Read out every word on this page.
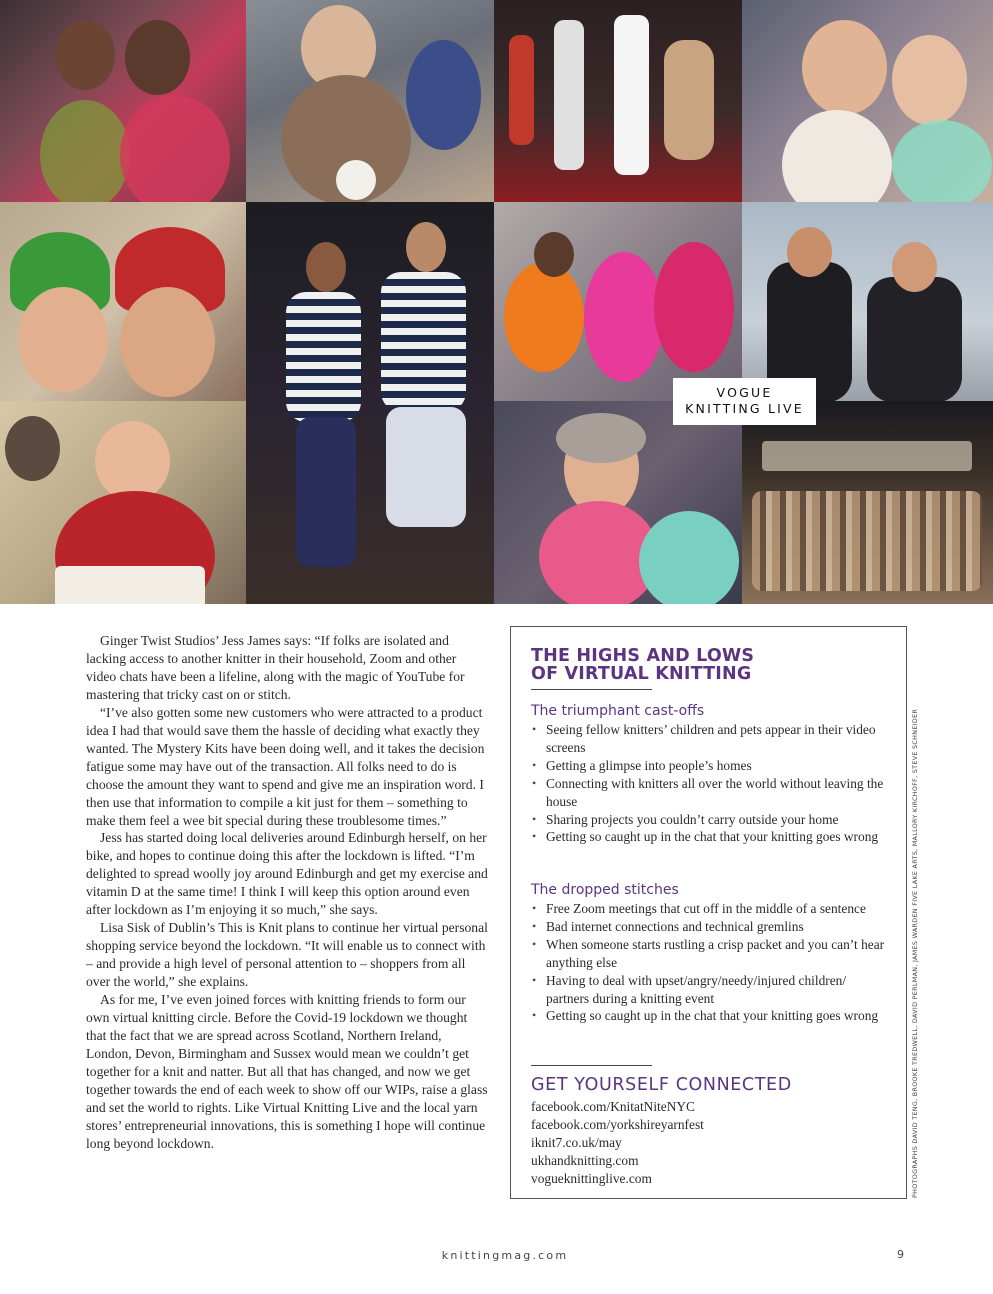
VOGUE
KNITTING LIVE

Ginger Twist Studios’ Jess James says: “If folks are isolated and lacking access to another knitter in their household, Zoom and other video chats have been a lifeline, along with the magic of YouTube for mastering that tricky cast on or stitch.

“I’ve also gotten some new customers who were attracted to a product idea I had that would save them the hassle of deciding what exactly they wanted. The Mystery Kits have been doing well, and it takes the decision fatigue some may have out of the transaction. All folks need to do is choose the amount they want to spend and give me an inspiration word. I then use that information to compile a kit just for them – something to make them feel a wee bit special during these troublesome times.”

Jess has started doing local deliveries around Edinburgh herself, on her bike, and hopes to continue doing this after the lockdown is lifted. “I’m delighted to spread woolly joy around Edinburgh and get my exercise and vitamin D at the same time! I think I will keep this option around even after lockdown as I’m enjoying it so much,” she says.

Lisa Sisk of Dublin’s This is Knit plans to continue her virtual personal shopping service beyond the lockdown. “It will enable us to connect with – and provide a high level of personal attention to – shoppers from all over the world,” she explains.

As for me, I’ve even joined forces with knitting friends to form our own virtual knitting circle. Before the Covid-19 lockdown we thought that the fact that we are spread across Scotland, Northern Ireland, London, Devon, Birmingham and Sussex would mean we couldn’t get together for a knit and natter. But all that has changed, and now we get together towards the end of each week to show off our WIPs, raise a glass and set the world to rights. Like Virtual Knitting Live and the local yarn stores’ entrepreneurial innovations, this is something I hope will continue long beyond lockdown.

THE HIGHS AND LOWS
OF VIRTUAL KNITTING
The triumphant cast-offs
• Seeing fellow knitters’ children and pets appear in their video screens
• Getting a glimpse into people’s homes
• Connecting with knitters all over the world without leaving the house
• Sharing projects you couldn’t carry outside your home
• Getting so caught up in the chat that your knitting goes wrong
The dropped stitches
• Free Zoom meetings that cut off in the middle of a sentence
• Bad internet connections and technical gremlins
• When someone starts rustling a crisp packet and you can’t hear anything else
• Having to deal with upset/angry/needy/injured children/ partners during a knitting event
• Getting so caught up in the chat that your knitting goes wrong
GET YOURSELF CONNECTED
facebook.com/KnitatNiteNYC
facebook.com/yorkshireyarnfest
iknit7.co.uk/may
ukhandknitting.com
vogueknittinglive.com	PHOTOGRAPHS DAVID TENG, BROOKE TREDWELL, DAVID PERLMAN, JAMES WARDEN FIVE LAKE ARTS, MALLORY KIRCHOFF, STEVE SCHNEIDER
knittingmag.com	9
